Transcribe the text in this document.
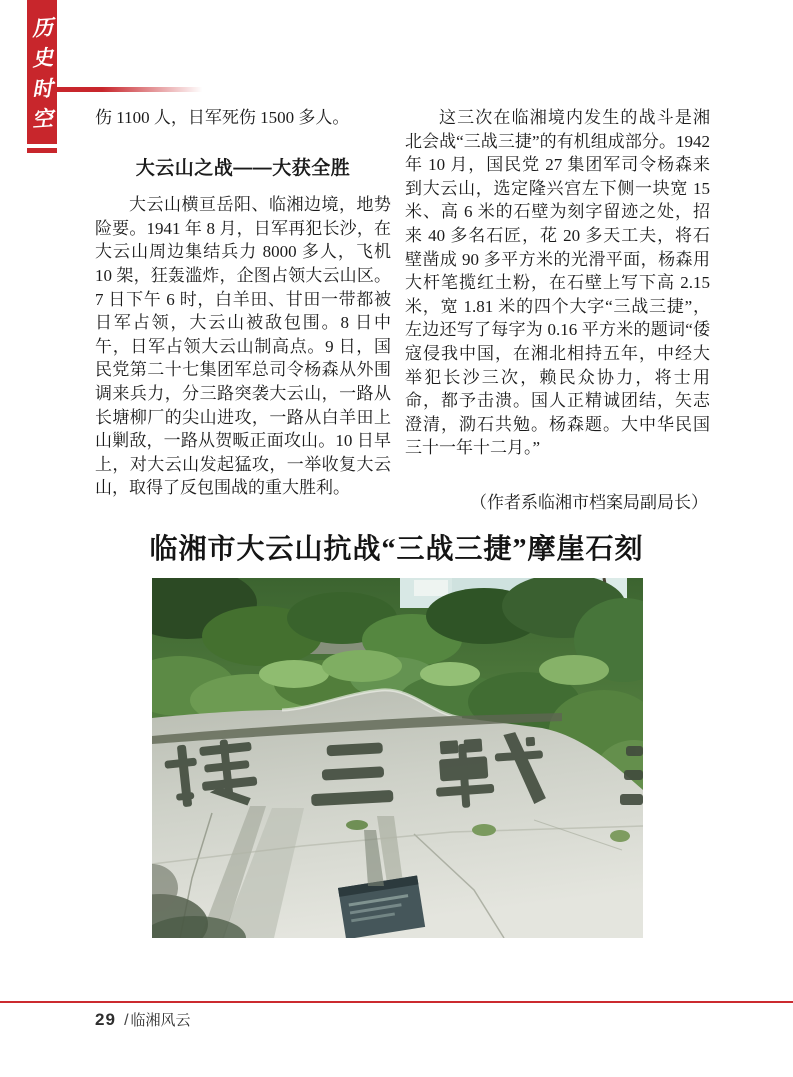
历
史
时
空 伤 1100 人，日军死伤 1500 多人。

大云山之战——大获全胜

大云山横亘岳阳、临湘边境，地势险要。1941 年 8 月，日军再犯长沙，在大云山周边集结兵力 8000 多人，飞机 10 架，狂轰滥炸，企图占领大云山区。7 日下午 6 时，白羊田、甘田一带都被日军占领，大云山被敌包围。8 日中午，日军占领大云山制高点。9 日，国民党第二十七集团军总司令杨森从外围调来兵力，分三路突袭大云山，一路从长塘柳厂的尖山进攻，一路从白羊田上山剿敌，一路从贺畈正面攻山。10 日早上，对大云山发起猛攻，一举收复大云山，取得了反包围战的重大胜利。

这三次在临湘境内发生的战斗是湘北会战“三战三捷”的有机组成部分。1942 年 10 月，国民党 27 集团军司令杨森来到大云山，选定隆兴宫左下侧一块宽 15 米、高 6 米的石壁为刻字留迹之处，招来 40 多名石匠，花 20 多天工夫，将石壁凿成 90 多平方米的光滑平面，杨森用大杆笔揽红土粉，在石壁上写下高 2.15 米，宽 1.81 米的四个大字“三战三捷”，左边还写了每字为 0.16 平方米的题词“倭寇侵我中国，在湘北相持五年，中经大举犯长沙三次，赖民众协力，将士用命，都予击溃。国人正精诚团结，矢志澄清，泐石共勉。杨森题。大中华民国三十一年十二月。”

（作者系临湘市档案局副局长）

临湘市大云山抗战“三战三捷”摩崖石刻
29 / 临湘风云
